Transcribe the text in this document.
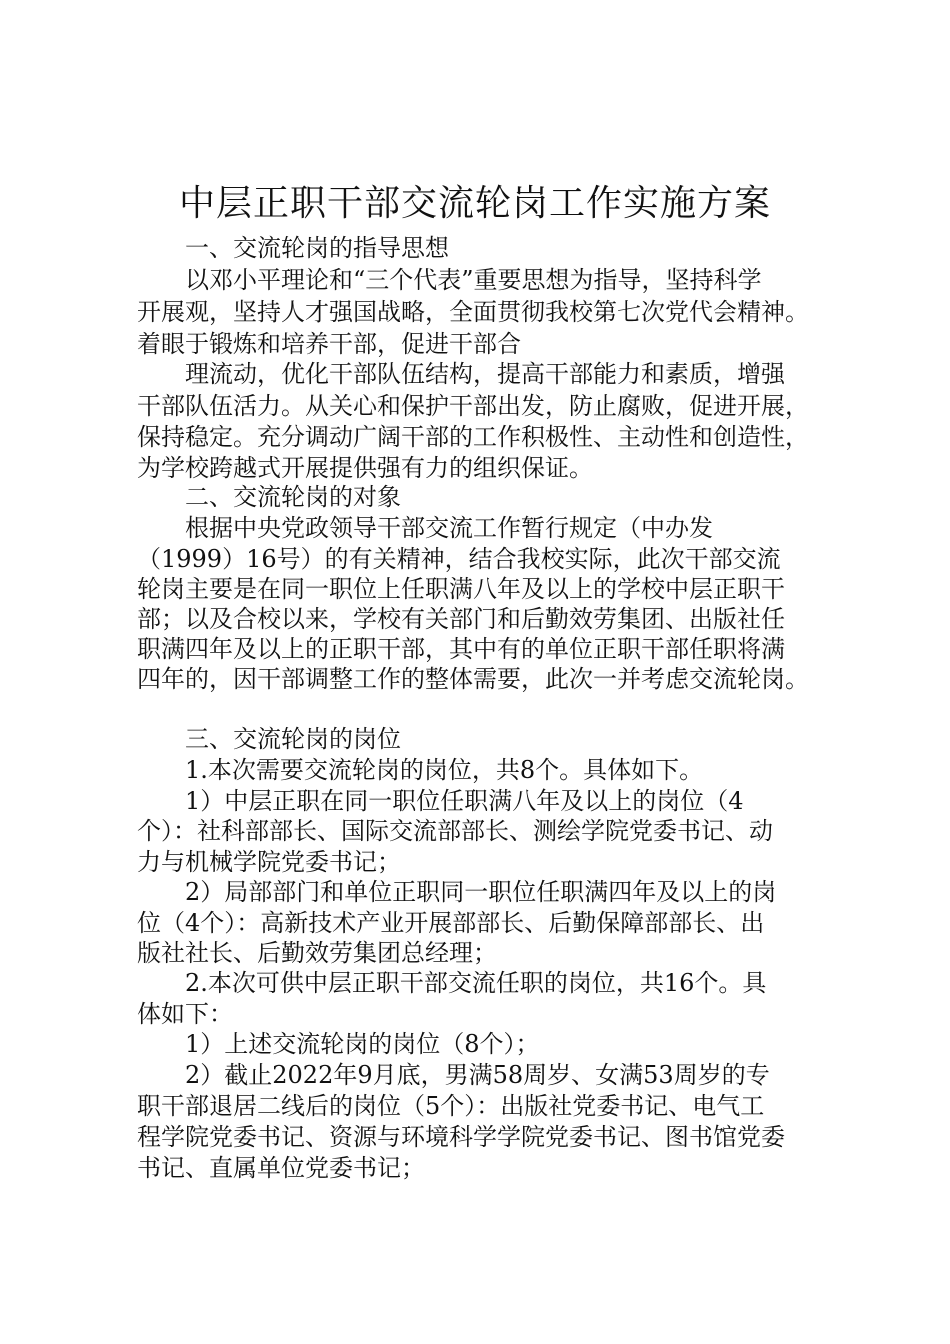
中层正职干部交流轮岗工作实施方案
一、交流轮岗的指导思想
以邓小平理论和“三个代表”重要思想为指导，坚持科学
开展观，坚持人才强国战略，全面贯彻我校第七次党代会精神。
着眼于锻炼和培养干部，促进干部合
理流动，优化干部队伍结构，提高干部能力和素质，增强
干部队伍活力。从关心和保护干部出发，防止腐败，促进开展，
保持稳定。充分调动广阔干部的工作积极性、主动性和创造性，
为学校跨越式开展提供强有力的组织保证。
二、交流轮岗的对象
根据中央党政领导干部交流工作暂行规定（中办发
（1999）16号）的有关精神，结合我校实际，此次干部交流
轮岗主要是在同一职位上任职满八年及以上的学校中层正职干
部；以及合校以来，学校有关部门和后勤效劳集团、出版社任
职满四年及以上的正职干部，其中有的单位正职干部任职将满
四年的，因干部调整工作的整体需要，此次一并考虑交流轮岗。
三、交流轮岗的岗位
1.本次需要交流轮岗的岗位，共8个。具体如下。
1）中层正职在同一职位任职满八年及以上的岗位（4
个）：社科部部长、国际交流部部长、测绘学院党委书记、动
力与机械学院党委书记；
2）局部部门和单位正职同一职位任职满四年及以上的岗
位（4个）：高新技术产业开展部部长、后勤保障部部长、出
版社社长、后勤效劳集团总经理；
2.本次可供中层正职干部交流任职的岗位，共16个。具
体如下：
1）上述交流轮岗的岗位（8个）；
2）截止2022年9月底，男满58周岁、女满53周岁的专
职干部退居二线后的岗位（5个）：出版社党委书记、电气工
程学院党委书记、资源与环境科学学院党委书记、图书馆党委
书记、直属单位党委书记；
